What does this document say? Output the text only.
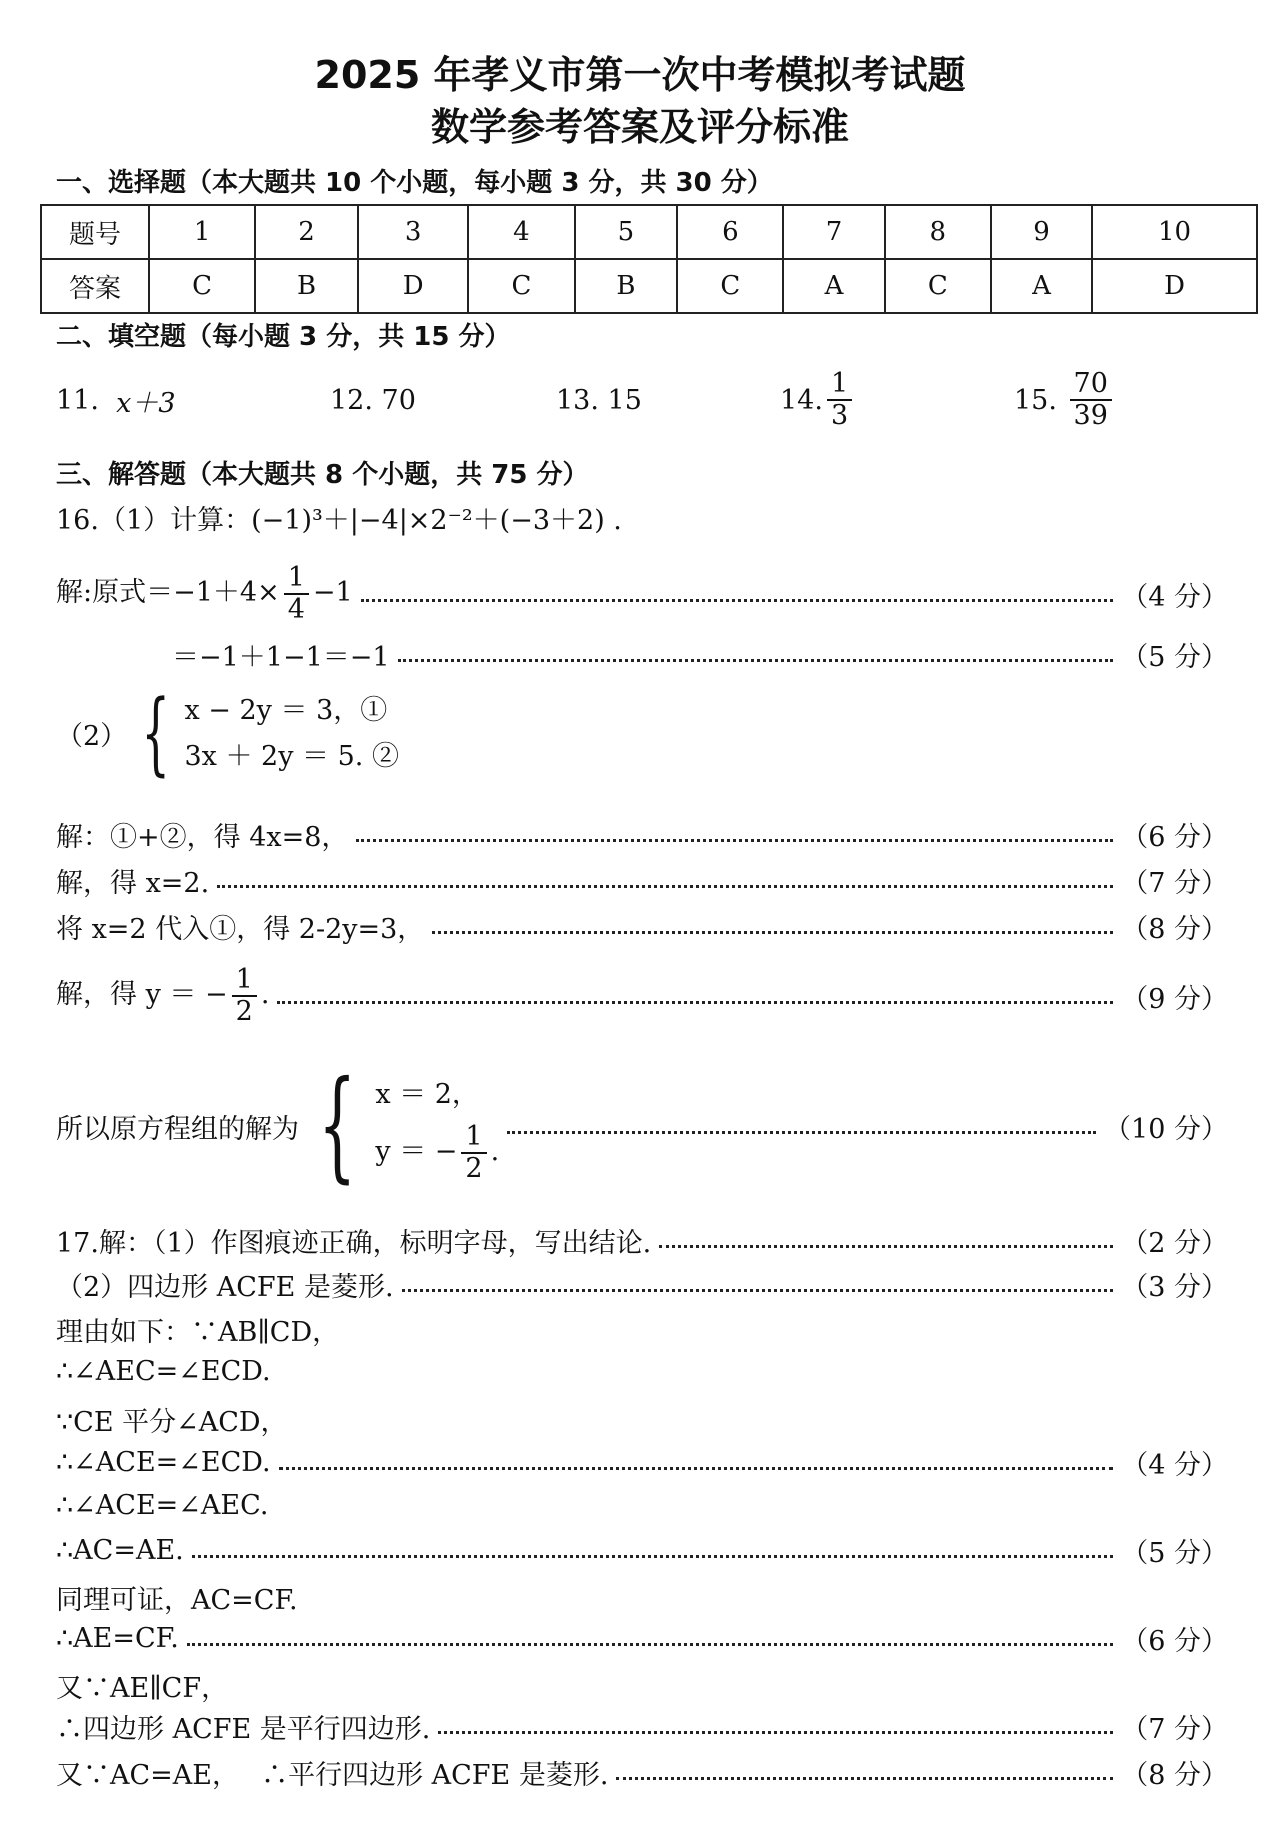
2025 年孝义市第一次中考模拟考试题
数学参考答案及评分标准
一、选择题（本大题共 10 个小题，每小题 3 分，共 30 分）
题号	1	2	3	4	5	6	7	8	9	10
答案	C	B	D	C	B	C	A	C	A	D
二、填空题（每小题 3 分，共 15 分）
11.
x＋3	12. 70	13. 15	14. $\frac{1}{3}$	15.
$\frac{70}{39}$
三、解答题（本大题共 8 个小题，共 75 分）
16.（1）计算：(−1)³＋|−4|×2⁻²＋(−3＋2) .
解:原式$=-1+4\times \frac{1}{4} -1$	（4 分）
＝−1＋1−1＝−1	（5 分）
（2） { x − 2y ＝ 3，①
3x ＋ 2y ＝ 5. ②
解：①+②，得 4x=8，	（6 分）
解，得 x=2.	（7 分）
将 x=2 代入①，得 2-2y=3，	（8 分）
解，得 y ＝ − $\frac{1}{2}$ .	（9 分）
所以原方程组的解为 { x ＝ 2，
y ＝ − $\frac{1}{2}$ .
（10 分）
17.解：（1）作图痕迹正确，标明字母，写出结论.	（2 分）
（2）四边形 ACFE 是菱形.	（3 分）
理由如下：∵AB∥CD，
∴∠AEC=∠ECD.
∵CE 平分∠ACD，
∴∠ACE=∠ECD.	（4 分）
∴∠ACE=∠AEC.
∴AC=AE.	（5 分）
同理可证，AC=CF.
∴AE=CF.	（6 分）
又∵AE∥CF，
∴四边形 ACFE 是平行四边形.	（7 分）
又∵AC=AE，　 ∴平行四边形 ACFE 是菱形.	（8 分）
